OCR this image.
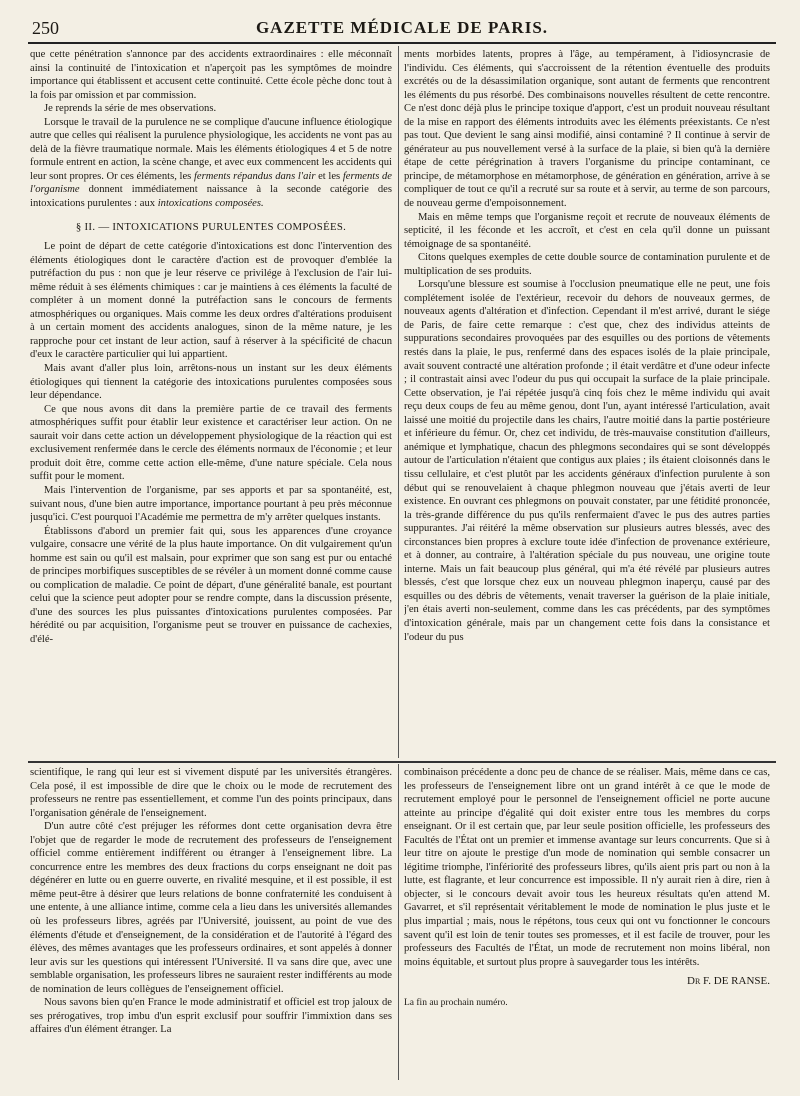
250	GAZETTE MÉDICALE DE PARIS.

que cette pénétration s'annonce par des accidents extraordinaires : elle méconnaît ainsi la continuité de l'intoxication et n'aperçoit pas les symptômes de moindre importance qui établissent et accusent cette continuité. Cette école pèche donc tout à la fois par omission et par commission.

Je reprends la série de mes observations.

Lorsque le travail de la purulence ne se complique d'aucune influence étiologique autre que celles qui réalisent la purulence physiologique, les accidents ne vont pas au delà de la fièvre traumatique normale. Mais les éléments étiologiques 4 et 5 de notre formule entrent en action, la scène change, et avec eux commencent les accidents qui leur sont propres. Or ces éléments, les ferments répandus dans l'air et les ferments de l'organisme donnent immédiatement naissance à la seconde catégorie des intoxications purulentes : aux intoxications composées.

§ II. — INTOXICATIONS PURULENTES COMPOSÉES.

Le point de départ de cette catégorie d'intoxications est donc l'intervention des éléments étiologiques dont le caractère d'action est de provoquer d'emblée la putréfaction du pus : non que je leur réserve ce privilége à l'exclusion de l'air lui-même réduit à ses éléments chimiques : car je maintiens à ces éléments la faculté de compléter à un moment donné la putréfaction sans le concours de ferments atmosphériques ou organiques. Mais comme les deux ordres d'altérations produisent à un certain moment des accidents analogues, sinon de la même nature, je les rapproche pour cet instant de leur action, sauf à réserver à la spécificité de chacun d'eux le caractère particulier qui lui appartient.

Mais avant d'aller plus loin, arrêtons-nous un instant sur les deux éléments étiologiques qui tiennent la catégorie des intoxications purulentes composées sous leur dépendance.

Ce que nous avons dit dans la première partie de ce travail des ferments atmosphériques suffit pour établir leur existence et caractériser leur action. On ne saurait voir dans cette action un développement physiologique de la réaction qui est exclusivement renfermée dans le cercle des éléments normaux de l'économie ; et leur produit doit être, comme cette action elle-même, d'une nature spéciale. Cela nous suffit pour le moment.

Mais l'intervention de l'organisme, par ses apports et par sa spontanéité, est, suivant nous, d'une bien autre importance, importance pourtant à peu près méconnue jusqu'ici. C'est pourquoi l'Académie me permettra de m'y arrêter quelques instants.

Établissons d'abord un premier fait qui, sous les apparences d'une croyance vulgaire, consacre une vérité de la plus haute importance. On dit vulgairement qu'un homme est sain ou qu'il est malsain, pour exprimer que son sang est pur ou entaché de principes morbifiques susceptibles de se révéler à un moment donné comme cause ou complication de maladie. Ce point de départ, d'une généralité banale, est pourtant celui que la science peut adopter pour se rendre compte, dans la discussion présente, d'une des sources les plus puissantes d'intoxications purulentes composées. Par hérédité ou par acquisition, l'organisme peut se trouver en puissance de cachexies, d'élé-

ments morbides latents, propres à l'âge, au tempérament, à l'idiosyncrasie de l'individu. Ces éléments, qui s'accroissent de la rétention éventuelle des produits excrétés ou de la désassimilation organique, sont autant de ferments que rencontrent les éléments du pus résorbé. Des combinaisons nouvelles résultent de cette rencontre. Ce n'est donc déjà plus le principe toxique d'apport, c'est un produit nouveau résultant de la mise en rapport des éléments introduits avec les éléments préexistants. Ce n'est pas tout. Que devient le sang ainsi modifié, ainsi contaminé ? Il continue à servir de générateur au pus nouvellement versé à la surface de la plaie, si bien qu'à la dernière étape de cette pérégrination à travers l'organisme du principe contaminant, ce principe, de métamorphose en métamorphose, de génération en génération, arrive à se compliquer de tout ce qu'il a recruté sur sa route et à servir, au terme de son parcours, de nouveau germe d'empoisonnement.

Mais en même temps que l'organisme reçoit et recrute de nouveaux éléments de septicité, il les féconde et les accroît, et c'est en cela qu'il donne un puissant témoignage de sa spontanéité.

Citons quelques exemples de cette double source de contamination purulente et de multiplication de ses produits.

Lorsqu'une blessure est soumise à l'occlusion pneumatique elle ne peut, une fois complétement isolée de l'extérieur, recevoir du dehors de nouveaux germes, de nouveaux agents d'altération et d'infection. Cependant il m'est arrivé, durant le siége de Paris, de faire cette remarque : c'est que, chez des individus atteints de suppurations secondaires provoquées par des esquilles ou des portions de vêtements restés dans la plaie, le pus, renfermé dans des espaces isolés de la plaie principale, avait souvent contracté une altération profonde ; il était verdâtre et d'une odeur infecte ; il contrastait ainsi avec l'odeur du pus qui occupait la surface de la plaie principale. Cette observation, je l'ai répétée jusqu'à cinq fois chez le même individu qui avait reçu deux coups de feu au même genou, dont l'un, ayant intéressé l'articulation, avait laissé une moitié du projectile dans les chairs, l'autre moitié dans la partie postérieure et inférieure du fémur. Or, chez cet individu, de très-mauvaise constitution d'ailleurs, anémique et lymphatique, chacun des phlegmons secondaires qui se sont développés autour de l'articulation n'étaient que contigus aux plaies ; ils étaient cloisonnés dans le tissu cellulaire, et c'est plutôt par les accidents généraux d'infection purulente à son début qui se renouvelaient à chaque phlegmon nouveau que j'étais averti de leur existence. En ouvrant ces phlegmons on pouvait constater, par une fétidité prononcée, la très-grande différence du pus qu'ils renfermaient d'avec le pus des autres parties suppurantes. J'ai réitéré la même observation sur plusieurs autres blessés, avec des circonstances bien propres à exclure toute idée d'infection de provenance extérieure, et à donner, au contraire, à l'altération spéciale du pus nouveau, une origine toute interne. Mais un fait beaucoup plus général, qui m'a été révélé par plusieurs autres blessés, c'est que lorsque chez eux un nouveau phlegmon inaperçu, causé par des esquilles ou des débris de vêtements, venait traverser la guérison de la plaie initiale, j'en étais averti non-seulement, comme dans les cas précédents, par des symptômes d'intoxication générale, mais par un changement cette fois dans la consistance et l'odeur du pus

scientifique, le rang qui leur est si vivement disputé par les universités étrangères. Cela posé, il est impossible de dire que le choix ou le mode de recrutement des professeurs ne rentre pas essentiellement, et comme l'un des points principaux, dans l'organisation générale de l'enseignement.

D'un autre côté c'est préjuger les réformes dont cette organisation devra être l'objet que de regarder le mode de recrutement des professeurs de l'enseignement officiel comme entièrement indifférent ou étranger à l'enseignement libre. La concurrence entre les membres des deux fractions du corps enseignant ne doit pas dégénérer en lutte ou en guerre ouverte, en rivalité mesquine, et il est possible, il est même peut-être à désirer que leurs relations de bonne confraternité les conduisent à une entente, à une alliance intime, comme cela a lieu dans les universités allemandes où les professeurs libres, agréés par l'Université, jouissent, au point de vue des éléments d'étude et d'enseignement, de la considération et de l'autorité à l'égard des élèves, des mêmes avantages que les professeurs ordinaires, et sont appelés à donner leur avis sur les questions qui intéressent l'Université. Il va sans dire que, avec une semblable organisation, les professeurs libres ne sauraient rester indifférents au mode de nomination de leurs collègues de l'enseignement officiel.

Nous savons bien qu'en France le mode administratif et officiel est trop jaloux de ses prérogatives, trop imbu d'un esprit exclusif pour souffrir l'immixtion dans ses affaires d'un élément étranger. La

combinaison précédente a donc peu de chance de se réaliser. Mais, même dans ce cas, les professeurs de l'enseignement libre ont un grand intérêt à ce que le mode de recrutement employé pour le personnel de l'enseignement officiel ne porte aucune atteinte au principe d'égalité qui doit exister entre tous les membres du corps enseignant. Or il est certain que, par leur seule position officielle, les professeurs des Facultés de l'État ont un premier et immense avantage sur leurs concurrents. Que si à leur titre on ajoute le prestige d'un mode de nomination qui semble consacrer un légitime triomphe, l'infériorité des professeurs libres, qu'ils aient pris part ou non à la lutte, est flagrante, et leur concurrence est impossible. Il n'y aurait rien à dire, rien à objecter, si le concours devait avoir tous les heureux résultats qu'en attend M. Gavarret, et s'il représentait véritablement le mode de nomination le plus juste et le plus impartial ; mais, nous le répétons, tous ceux qui ont vu fonctionner le concours savent qu'il est loin de tenir toutes ses promesses, et il est facile de trouver, pour les professeurs des Facultés de l'État, un mode de recrutement non moins libéral, non moins équitable, et surtout plus propre à sauvegarder tous les intérêts.

Dr F. DE RANSE.

La fin au prochain numéro.
